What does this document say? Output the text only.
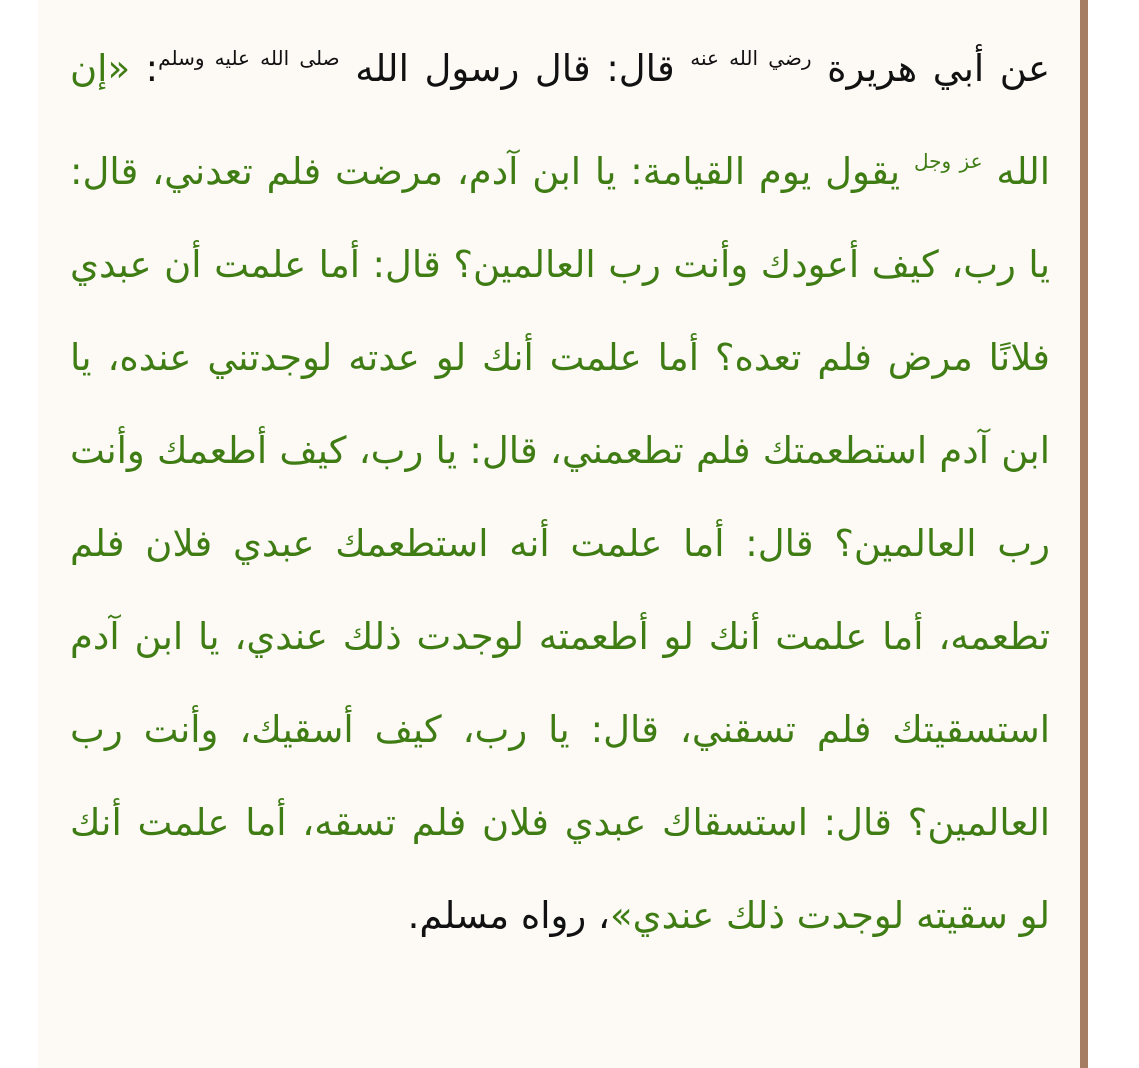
عن أبي هريرة $^{رضي الله عنه}$ قال: قال رسول الله $^{صلى الله عليه وسلم}$: «إن الله $^{عز وجل}$ يقول يوم القيامة: يا ابن آدم، مرضت فلم تعدني، قال: يا رب، كيف أعودك وأنت رب العالمين؟ قال: أما علمت أن عبدي فلانًا مرض فلم تعده؟ أما علمت أنك لو عدته لوجدتني عنده، يا ابن آدم استطعمتك فلم تطعمني، قال: يا رب، كيف أطعمك وأنت رب العالمين؟ قال: أما علمت أنه استطعمك عبدي فلان فلم تطعمه، أما علمت أنك لو أطعمته لوجدت ذلك عندي، يا ابن آدم استسقيتك فلم تسقني، قال: يا رب، كيف أسقيك، وأنت رب العالمين؟ قال: استسقاك عبدي فلان فلم تسقه، أما علمت أنك لو سقيته لوجدت ذلك عندي»، رواه مسلم.
